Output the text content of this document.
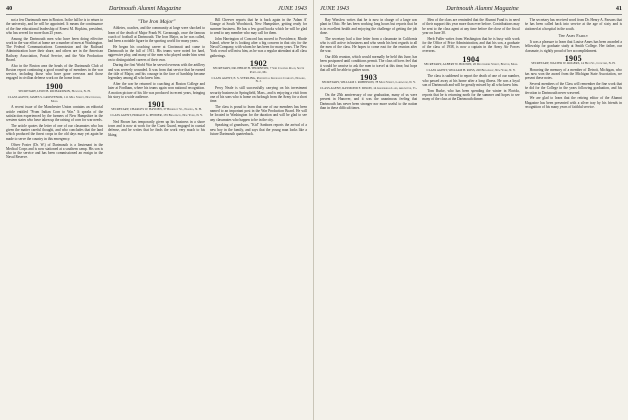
40	Dartmouth Alumni Magazine	JUNE 1943

not a few Dartmouth men in Boston. In the fall he is to return to the university, and he will be appointed. It means the continuance of the fine educational leadership of Ernest M. Hopkins, president, who has served for more than 25 years.

Among the Dartmouth men who have been doing effective work in the war effort at home are a number of men at Washington. The Federal Communications Commission and the Railroad Administration have their share, and others are in the American Railway Association, Postal Service, and the War Production Board.

Also in the Boston area the heads of the Dartmouth Club of Boston report continuing a good round-up of members in the war service, including those who have gone overseas and those engaged in civilian defense work on the home front.

1900
SECRETARY, LEON B. RICHARDSON, Hanover, N. H.
CLASS AGENT, JAMES S. GROSVENOR, 111 Mill Street, Newtonville, Mass.

A recent issue of the Manchester Union contains an editorial article entitled "From Indian Corn to War." It speaks of the satisfaction experienced by the farmers of New Hampshire in the western states who have taken up the raising of corn for war needs.

The article quotes the letter of one of our classmates who has given the matter careful thought, and who concludes that the land which produced the finest crops in the old days may yet again be made to serve the country in this emergency.

Oliver Foster (Dr. W.) of Dartmouth is a lieutenant in the Medical Corps and is now stationed at a southern camp. His son is also in the service and has been commissioned an ensign in the Naval Reserve.

"The Iron Major"

Athletes, coaches, and the community at large were shocked to learn of the death of Major Frank W. Cavanaugh, once the famous coach of football at Dartmouth. The Iron Major, as he was called, had been a notable figure in the sporting world for many years.

He began his coaching career at Cincinnati and came to Dartmouth in the fall of 1911. His teams were noted for hard, aggressive play, and many of the men who played under him went on to distinguished careers of their own.

During the first World War he served overseas with the artillery and was severely wounded. It was from that service that he earned the title of Major, and his courage in the face of hardship became legendary among all who knew him.

After the war he returned to coaching at Boston College and later at Fordham, where his teams again won national recognition. A motion picture of his life was produced in recent years, bringing his story to a wide audience.

1901
SECRETARY, CHARLES W. HAYDEN, 37 Berkeley St., Nashua, N. H.
CLASS AGENT, HORACE G. PENDER, 135 Broadway, New York, N. Y.

Ned Brown has temporarily given up his business in a shore town and is now at work for the Coast Guard, engaged in coastal defense, and he writes that he finds the work very much to his liking.

Bill Cheever reports that he is back again in the 'Adam A' Grange at South Woodstock, New Hampshire, getting ready for summer business. He has a few good books which he will be glad to send to any member who may call for them.

John Harrington of Concord has moved to Providence, Rhode Island, where he is looking after a big concern in that city for the Naval Company, with whom he has been for many years. The New York crowd will miss him, as he was a regular attendant at all class gatherings.

1902
SECRETARY, DR. PHILIP H. THORNTON, 7 Ship Channel Road, South Portland, Me.
CLASS AGENT, E. S. STERLING, Prudential Insurance Company, Newark, N. J.

Percy Neale is still successfully carrying on his investment security business in Springfield, Mass., and is enjoying a visit from one of his sons who is home on furlough from the Army for a short time.

The class is proud to learn that one of our members has been named to an important post in the War Production Board. He will be located in Washington for the duration and will be glad to see any classmates who happen to be in the city.

Speaking of grandsons, "Kid" Sanborn reports the arrival of a new boy in the family, and says that the young man looks like a future Dartmouth quarterback.

JUNE 1943	Dartmouth Alumni Magazine	41

Ray Winslow writes that he is now in charge of a large war plant in Ohio. He has been working long hours but reports that he is in excellent health and enjoying the challenge of getting the job done.

The secretary had a fine letter from a classmate in California who is still active in business and who sends his best regards to all the men of the class. He hopes to come east for the reunion after the war.

Our 40th reunion, which would normally be held this June, has been postponed until conditions permit. The class officers feel that it would be unwise to ask the men to travel at this time, but hope that all will be able to gather soon.

1903
SECRETARY, WILLIAM J. ROBINSON, 78 Main Street, Lakewood, N. Y.
CLASS AGENT, RAYMOND F. DIXON, 14 Greenbriar Lane, Arlington, Va.

On the 25th anniversary of our graduation, many of us were present in Hanover, and it was the unanimous feeling that Dartmouth has never been stronger nor more useful to the nation than in these difficult times.

Men of the class are reminded that the Alumni Fund is in need of their support this year more than ever before. Contributions may be sent to the class agent at any time before the close of the fiscal year on June 30.

Herb Fuller writes from Washington that he is busy with work for the Office of Price Administration, and that his son, a graduate of the class of 1938, is now a captain in the Army Air Forces overseas.

1904
SECRETARY, ALBERT W. BOLTON, 20 Devonshire Street, Boston, Mass.
CLASS AGENT, WILLIAM H. ROSS, 220 Broadway, New York, N. Y.

The class is saddened to report the death of one of our number, who passed away at his home after a long illness. He was a loyal son of Dartmouth and will be greatly missed by all who knew him.

Tom Burke, who has been spending the winter in Florida, reports that he is returning north for the summer and hopes to see many of the class at the Dartmouth dinner.

The secretary has received word from Dr. Henry A. Parsons that he has been called back into service at the age of sixty and is stationed at a hospital in the south.

The Ames Family

It was a pleasure to learn that Louise Ames has been awarded a fellowship for graduate study at Smith College. Her father, our classmate, is rightly proud of her accomplishment.

1905
SECRETARY, WALTER W. ROGERS, 14 High St., Concord, N. H.

Honoring the memory of a member of Detroit, Michigan, who has now won the award from the Michigan State Association, we present these notes.

Several members of the Class will remember the fine work that he did for the College in the years following graduation, and his devotion to Dartmouth never wavered.

We are glad to learn that the retiring editor of the Alumni Magazine has been presented with a silver tray by his friends in recognition of his many years of faithful service.
